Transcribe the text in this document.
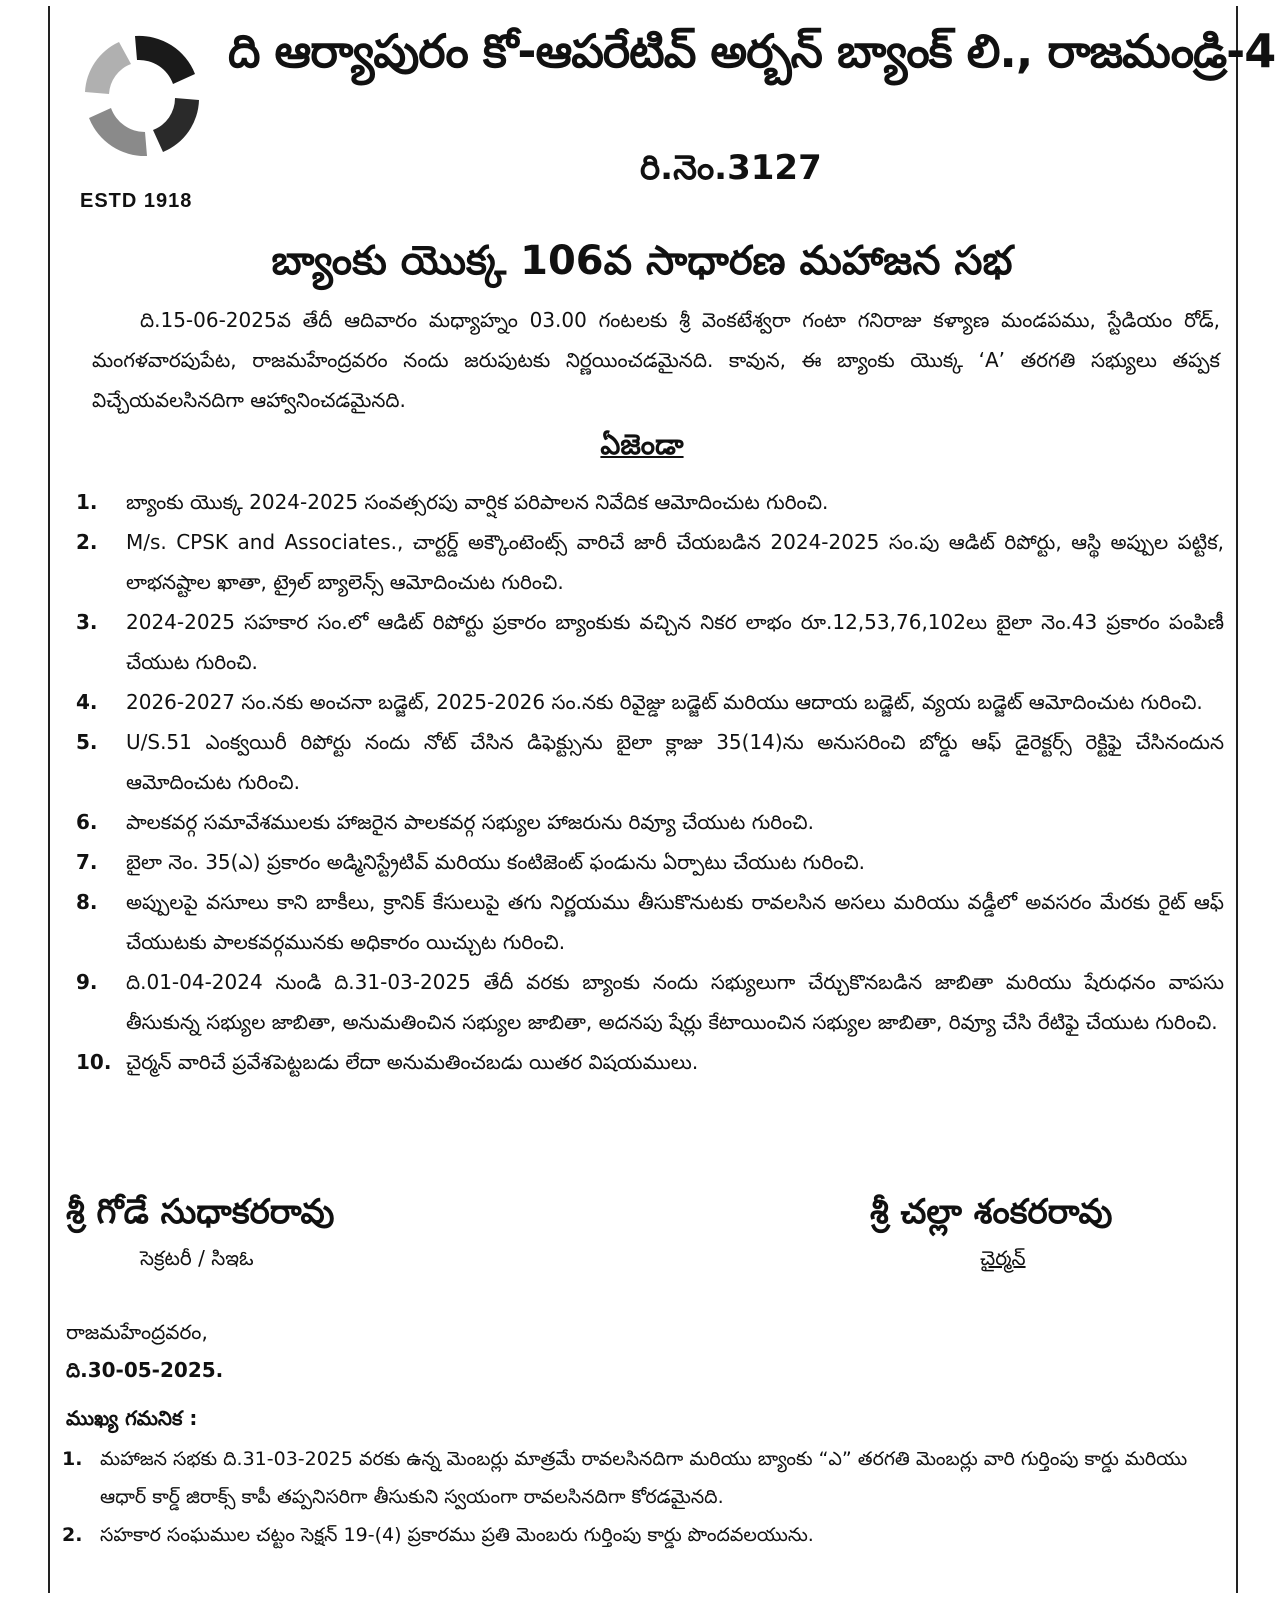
ESTD 1918
ది ఆర్యాపురం కో-ఆపరేటివ్ అర్బన్ బ్యాంక్ లి., రాజమండ్రి-4
రి.నెం.3127
బ్యాంకు యొక్క 106వ సాధారణ మహాజన సభ

ది.15-06-2025వ తేదీ ఆదివారం మధ్యాహ్నం 03.00 గంటలకు శ్రీ వెంకటేశ్వరా గంటా గనిరాజు కళ్యాణ మండపము, స్టేడియం రోడ్, మంగళవారపుపేట, రాజమహేంద్రవరం నందు జరుపుటకు నిర్ణయించడమైనది. కావున, ఈ బ్యాంకు యొక్క ‘A’ తరగతి సభ్యులు తప్పక విచ్చేయవలసినదిగా ఆహ్వానించడమైనది.

ఏజెండా
1.	బ్యాంకు యొక్క 2024-2025 సంవత్సరపు వార్షిక పరిపాలన నివేదిక ఆమోదించుట గురించి.
2.	M/s. CPSK and Associates., చార్టర్డ్ అక్కౌంటెంట్స్ వారిచే జారీ చేయబడిన 2024-2025 సం.పు ఆడిట్ రిపోర్టు, ఆస్థి అప్పుల పట్టిక, లాభనష్టాల ఖాతా, ట్రైల్ బ్యాలెన్స్ ఆమోదించుట గురించి.
3.	2024-2025 సహకార సం.లో ఆడిట్ రిపోర్టు ప్రకారం బ్యాంకుకు వచ్చిన నికర లాభం రూ.12,53,76,102లు బైలా నెం.43 ప్రకారం పంపిణీ చేయుట గురించి.
4.	2026-2027 సం.నకు అంచనా బడ్జెట్, 2025-2026 సం.నకు రివైజ్డు బడ్జెట్ మరియు ఆదాయ బడ్జెట్, వ్యయ బడ్జెట్ ఆమోదించుట గురించి.
5.	U/S.51 ఎంక్వయిరీ రిపోర్టు నందు నోట్ చేసిన డిఫెక్ట్సును బైలా క్లాజు 35(14)ను అనుసరించి బోర్డు ఆఫ్ డైరెక్టర్స్ రెక్టిఫై చేసినందున ఆమోదించుట గురించి.
6.	పాలకవర్గ సమావేశములకు హాజరైన పాలకవర్గ సభ్యుల హాజరును రివ్యూ చేయుట గురించి.
7.	బైలా నెం. 35(ఎ) ప్రకారం అడ్మినిస్ట్రేటివ్ మరియు కంటిజెంట్ ఫండును ఏర్పాటు చేయుట గురించి.
8.	అప్పులపై వసూలు కాని బాకీలు, క్రానిక్ కేసులుపై తగు నిర్ణయము తీసుకొనుటకు రావలసిన అసలు మరియు వడ్డీలో అవసరం మేరకు రైట్ ఆఫ్ చేయుటకు పాలకవర్గమునకు అధికారం యిచ్చుట గురించి.
9.	ది.01-04-2024 నుండి ది.31-03-2025 తేదీ వరకు బ్యాంకు నందు సభ్యులుగా చేర్చుకొనబడిన జాబితా మరియు షేరుధనం వాపసు తీసుకున్న సభ్యుల జాబితా, అనుమతించిన సభ్యుల జాబితా, అదనపు షేర్లు కేటాయించిన సభ్యుల జాబితా, రివ్యూ చేసి రేటిఫై చేయుట గురించి.
10. చైర్మన్ వారిచే ప్రవేశపెట్టబడు లేదా అనుమతించబడు యితర విషయములు.
శ్రీ గోడే సుధాకరరావు
సెక్రటరీ / సిఇఓ
శ్రీ చల్లా శంకరరావు
చైర్మన్
రాజమహేంద్రవరం,
ది.30-05-2025.
ముఖ్య గమనిక :
1. మహాజన సభకు ది.31-03-2025 వరకు ఉన్న మెంబర్లు మాత్రమే రావలసినదిగా మరియు బ్యాంకు “ఎ” తరగతి మెంబర్లు వారి గుర్తింపు కార్డు మరియు ఆధార్ కార్డ్ జిరాక్స్ కాపీ తప్పనిసరిగా తీసుకుని స్వయంగా రావలసినదిగా కోరడమైనది.
2. సహకార సంఘముల చట్టం సెక్షన్ 19-(4) ప్రకారము ప్రతి మెంబరు గుర్తింపు కార్డు పొందవలయును.
